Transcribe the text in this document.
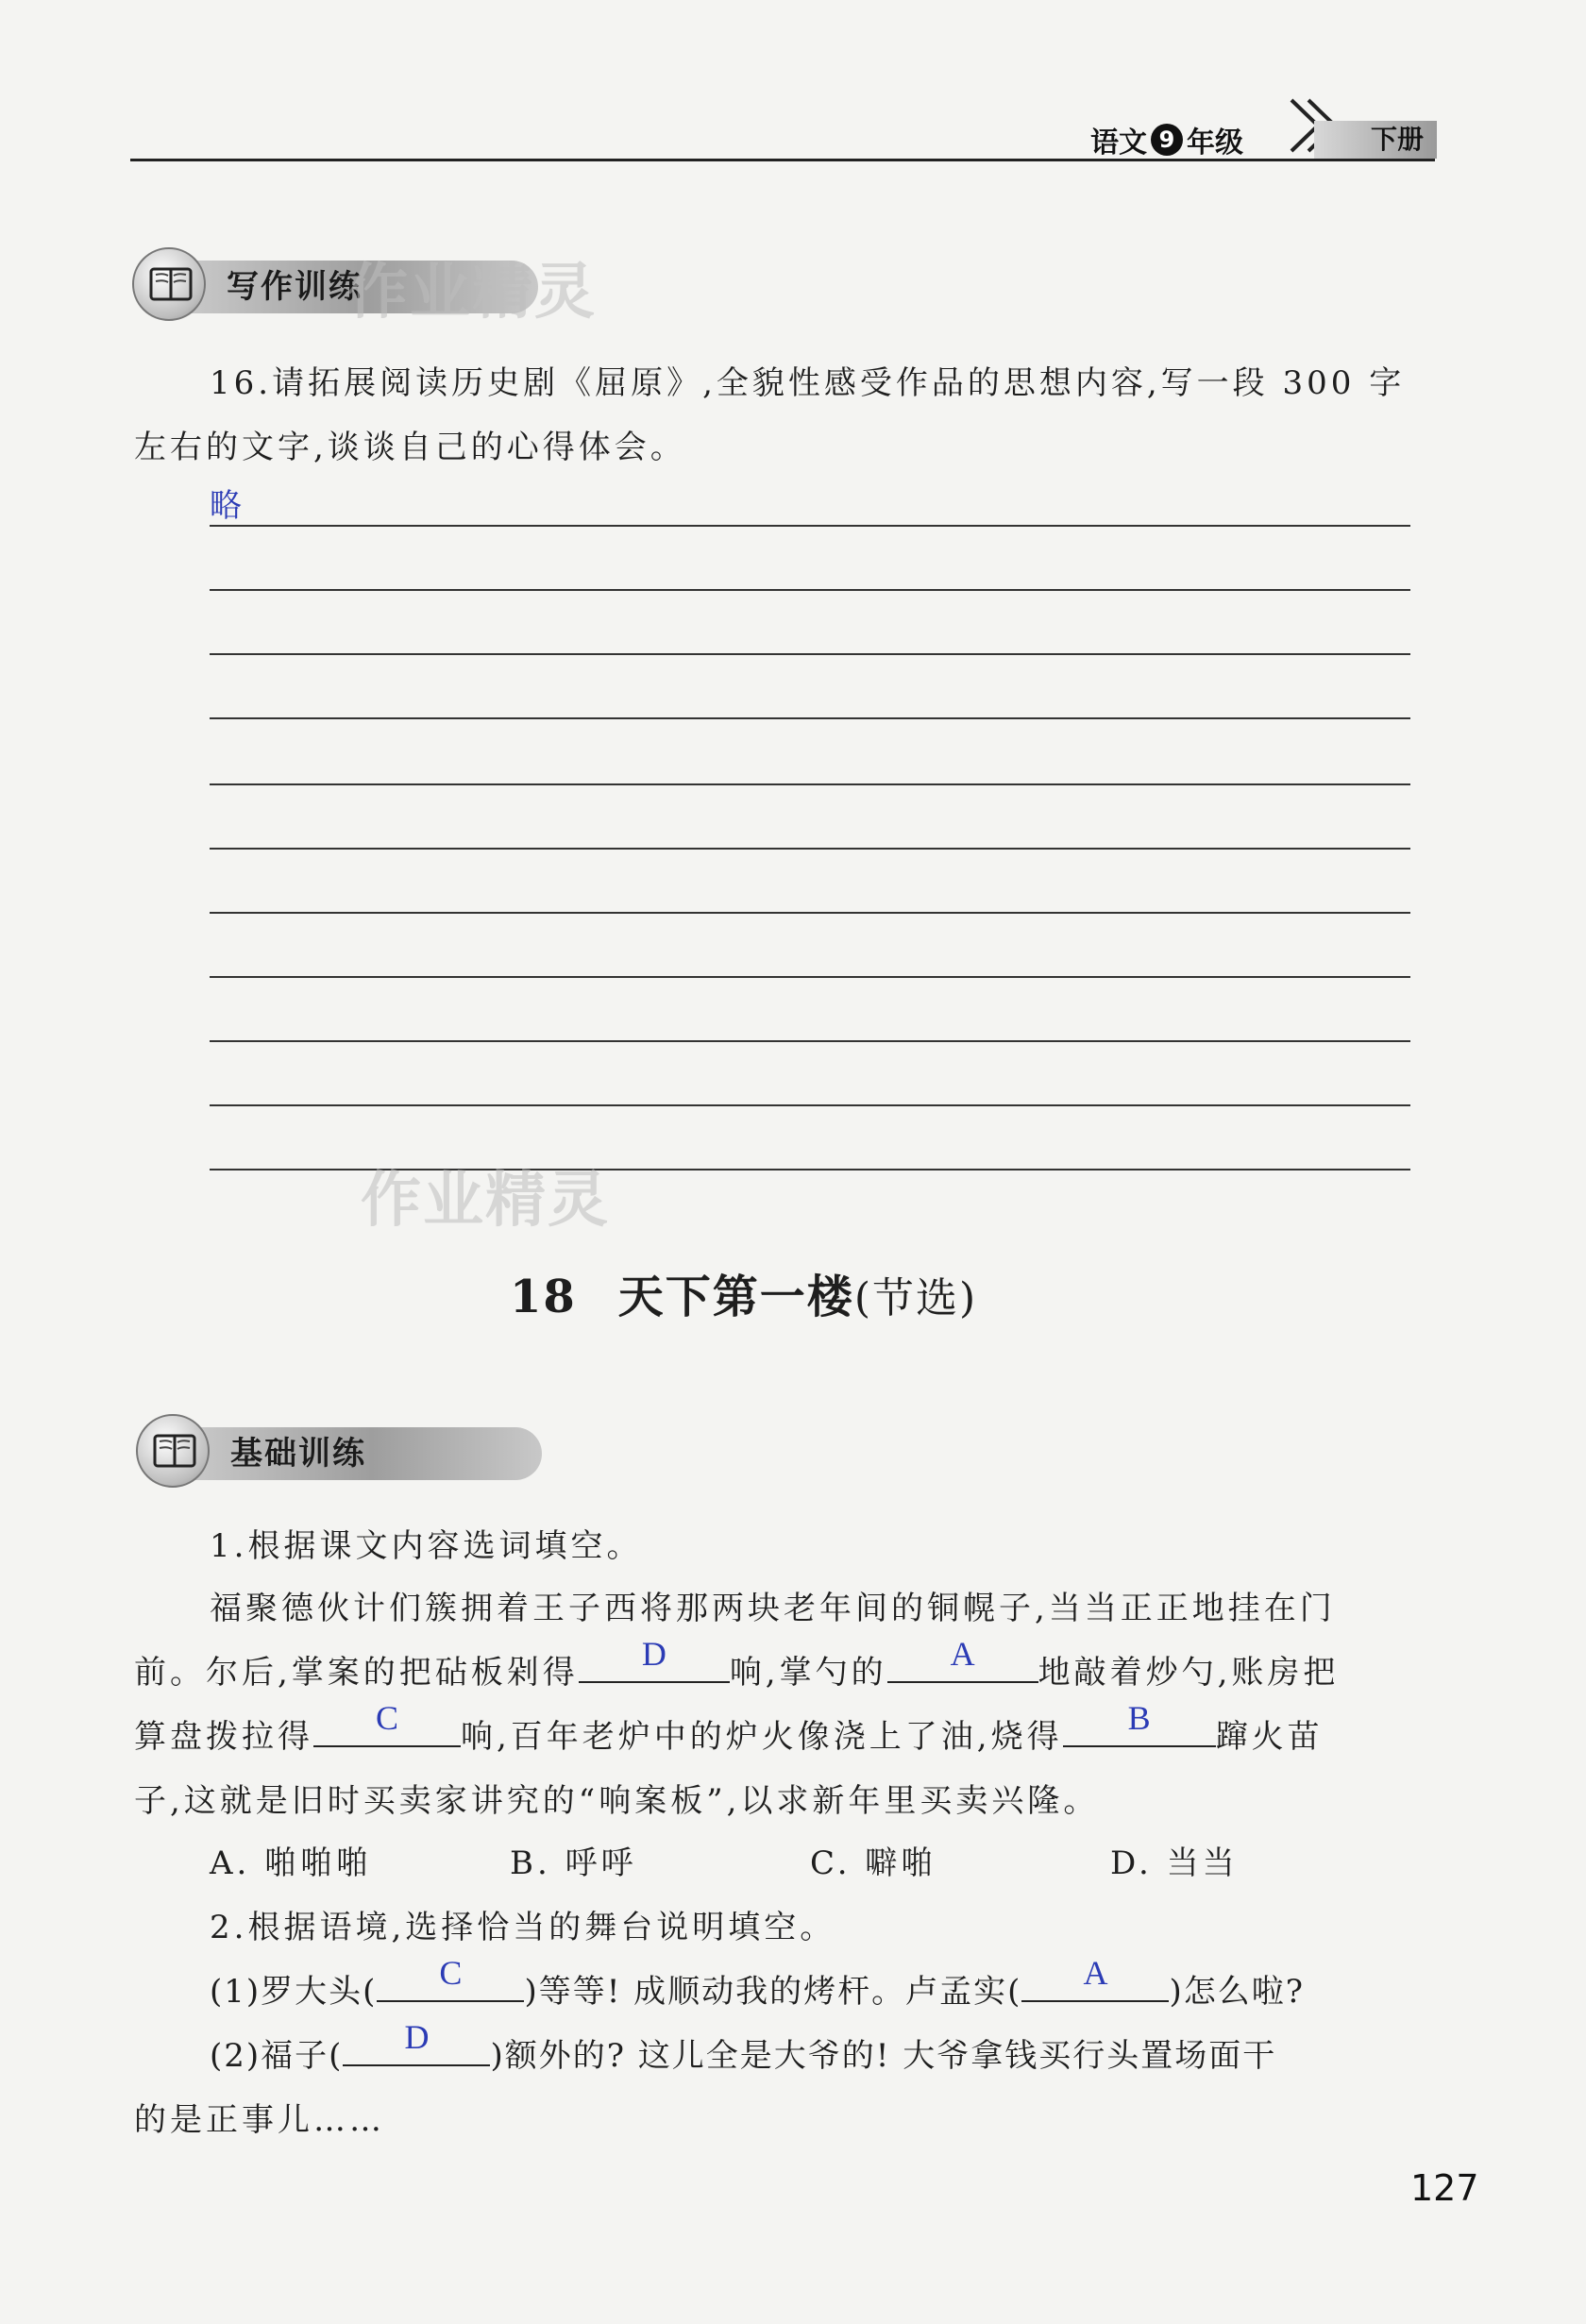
语文 9 年级	下册
写作训练
作业精灵
16.请拓展阅读历史剧《屈原》,全貌性感受作品的思想内容,写一段 300 字
左右的文字,谈谈自己的心得体会。
略
作业精灵
18 天下第一楼(节选)
基础训练
1.根据课文内容选词填空。
福聚德伙计们簇拥着王子西将那两块老年间的铜幌子,当当正正地挂在门
前。尔后,掌案的把砧板剁得	D	响,掌勺的	A	地敲着炒勺,账房把
算盘拨拉得	C	响,百年老炉中的炉火像浇上了油,烧得	B	蹿火苗
子,这就是旧时买卖家讲究的“响案板”,以求新年里买卖兴隆。
A. 啪啪啪	B. 呼呼	C. 噼啪	D. 当当
2.根据语境,选择恰当的舞台说明填空。
(1)罗大头(	C	)等等! 成顺动我的烤杆。卢孟实(	A	)怎么啦?
(2)福子(	D	)额外的? 这儿全是大爷的! 大爷拿钱买行头置场面干
的是正事儿……
127
